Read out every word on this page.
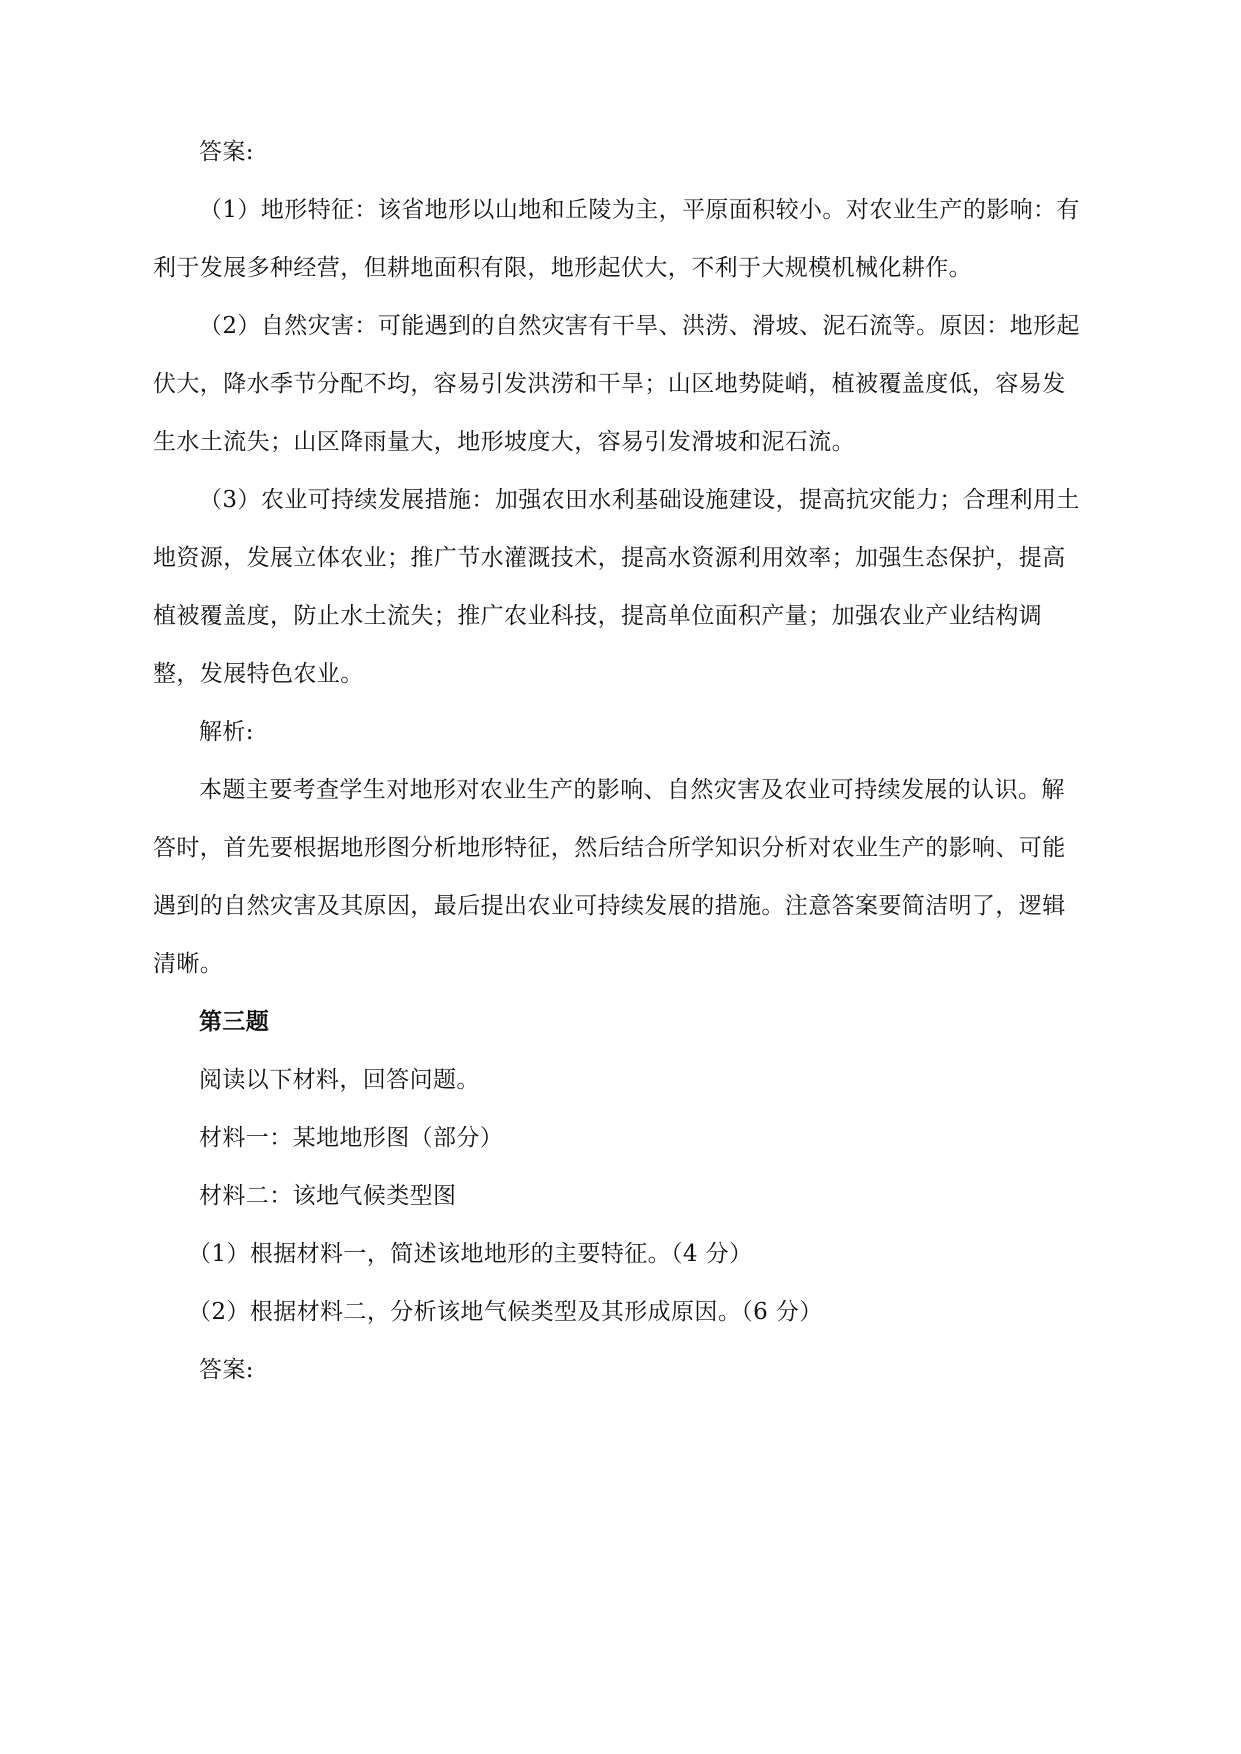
答案:

（1）地形特征：该省地形以山地和丘陵为主，平原面积较小。对农业生产的影响：有利于发展多种经营，但耕地面积有限，地形起伏大，不利于大规模机械化耕作。

（2）自然灾害：可能遇到的自然灾害有干旱、洪涝、滑坡、泥石流等。原因：地形起伏大，降水季节分配不均，容易引发洪涝和干旱；山区地势陡峭，植被覆盖度低，容易发生水土流失；山区降雨量大，地形坡度大，容易引发滑坡和泥石流。

（3）农业可持续发展措施：加强农田水利基础设施建设，提高抗灾能力；合理利用土地资源，发展立体农业；推广节水灌溉技术，提高水资源利用效率；加强生态保护，提高植被覆盖度，防止水土流失；推广农业科技，提高单位面积产量；加强农业产业结构调整，发展特色农业。

解析:

本题主要考查学生对地形对农业生产的影响、自然灾害及农业可持续发展的认识。解答时，首先要根据地形图分析地形特征，然后结合所学知识分析对农业生产的影响、可能遇到的自然灾害及其原因，最后提出农业可持续发展的措施。注意答案要简洁明了，逻辑清晰。

第三题

阅读以下材料，回答问题。

材料一：某地地形图（部分）

材料二：该地气候类型图

（1）根据材料一，简述该地地形的主要特征。（4 分）

（2）根据材料二，分析该地气候类型及其形成原因。（6 分）

答案:
